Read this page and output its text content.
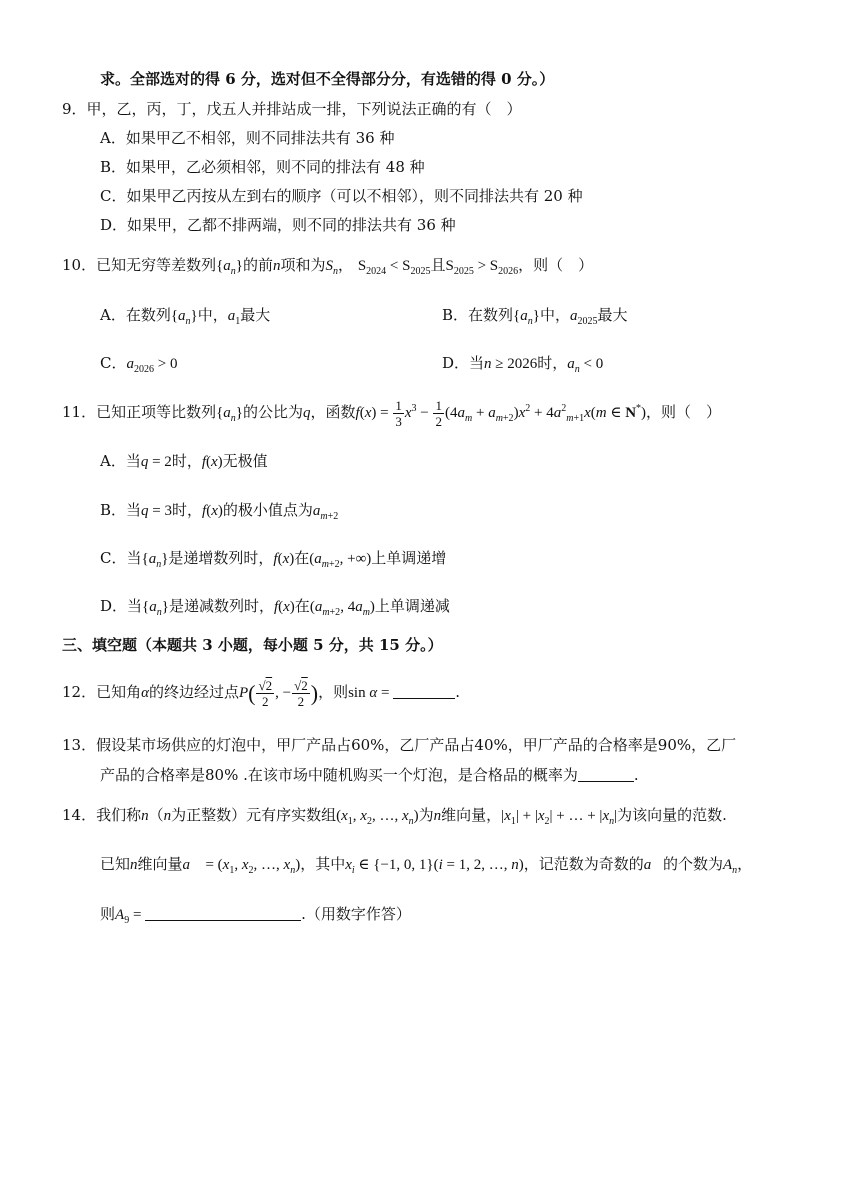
求。全部选对的得 6 分，选对但不全得部分分，有选错的得 0 分。）
9．甲，乙，丙，丁，戊五人并排站成一排，下列说法正确的有（　）
A．如果甲乙不相邻，则不同排法共有 36 种
B．如果甲，乙必须相邻，则不同的排法有 48 种
C．如果甲乙丙按从左到右的顺序（可以不相邻），则不同排法共有 20 种
D．如果甲，乙都不排两端，则不同的排法共有 36 种
10．已知无穷等差数列$\{a_n\}$的前n项和为$S_n$， $S_{2024} < S_{2025}$且$S_{2025} > S_{2026}$，则（　）
A．在数列$\{a_n\}$中，$a_1$最大	B．在数列$\{a_n\}$中，$a_{2025}$最大
C．$a_{2026} > 0$	D．当n ≥ 2026时，$a_n < 0$
11．已知正项等比数列$\{a_n\}$的公比为q，函数$f(x) = \frac{1}{3} x^3 - \frac{1}{2} (4a_m + a_{m+2})x^2 + 4a^2_{m+1}x(m$ ∈ N*)，则（　）
A．当q = 2时，f(x)无极值
B．当q = 3时，f(x)的极小值点为$a_{m+2}$
C．当$\{a_n\}$是递增数列时，f(x)在($a_{m+2}$, +∞)上单调递增
D．当$\{a_n\}$是递减数列时，f(x)在($a_{m+2}$, $4a_m$)上单调递减
三、填空题（本题共 3 小题，每小题 5 分，共 15 分。）
12．已知角α的终边经过点$P( \frac{√2}{2}$ , − $\frac{√2}{2}$ )，则sin α =	.
13．假设某市场供应的灯泡中，甲厂产品占60%，乙厂产品占40%，甲厂产品的合格率是90%，乙厂
产品的合格率是80% .在该市场中随机购买一个灯泡，是合格品的概率为	.
14．我们称n（n为正整数）元有序实数组($x_1$, $x_2$, …, $x_n$)为n维向量，$|x_1| + |x_2|$ + … + $|x_n|$为该向量的范数.
已知n维向量a⃗ = ($x_1$, $x_2$, …, $x_n$)，其中$x_i$ ∈ {−1, 0, 1}(i = 1, 2, …, n)，记范数为奇数的a⃗的个数为$A_n$，
则$A_9$ =	.（用数字作答）
